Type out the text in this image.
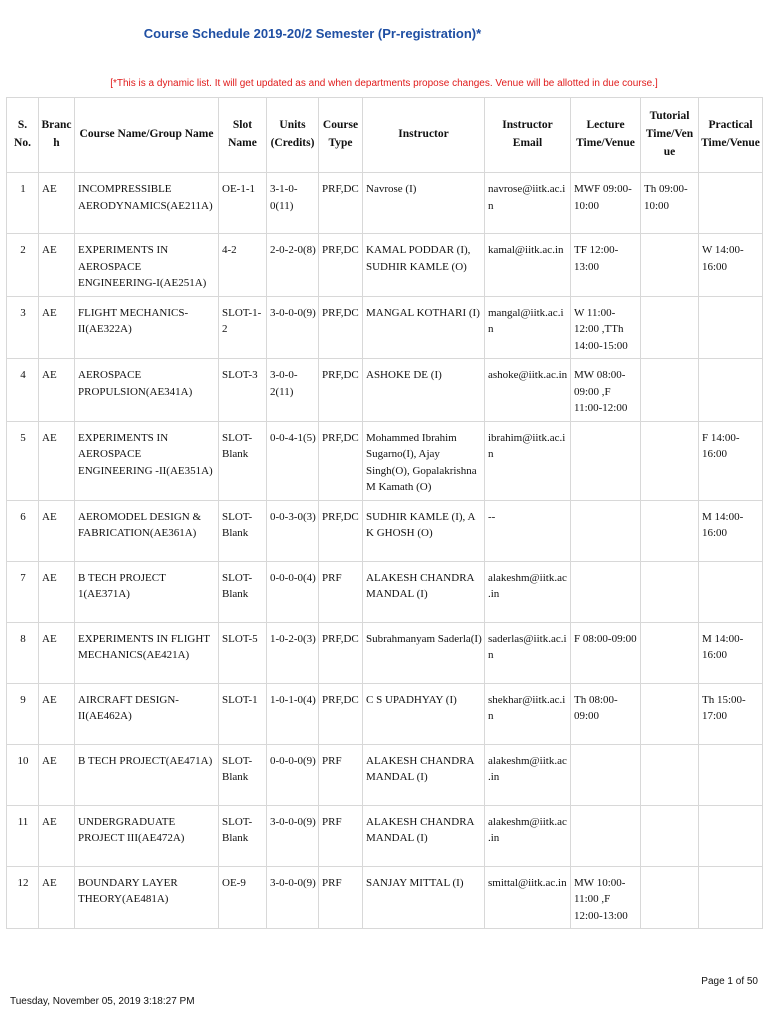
Course Schedule 2019-20/2 Semester (Pr-registration)*
[*This is a dynamic list. It will get updated as and when departments propose changes. Venue will be allotted in due course.]
S. No.	Branch	Course Name/Group Name	Slot Name	Units (Credits)	Course Type	Instructor	Instructor Email	Lecture Time/Venue	Tutorial Time/Venue	Practical Time/Venue
1	AE	INCOMPRESSIBLE AERODYNAMICS(AE211A)	OE-1-1	3-1-0-0(11)	PRF,DC	Navrose (I)	navrose@iitk.ac.in	MWF 09:00-10:00	Th 09:00-10:00	
2	AE	EXPERIMENTS IN AEROSPACE ENGINEERING-I(AE251A)	4-2	2-0-2-0(8)	PRF,DC	KAMAL PODDAR (I), SUDHIR KAMLE (O)	kamal@iitk.ac.in	TF 12:00-13:00		W 14:00-16:00
3	AE	FLIGHT MECHANICS-II(AE322A)	SLOT-1-2	3-0-0-0(9)	PRF,DC	MANGAL KOTHARI (I)	mangal@iitk.ac.in	W 11:00-12:00 ,TTh 14:00-15:00		
4	AE	AEROSPACE PROPULSION(AE341A)	SLOT-3	3-0-0-2(11)	PRF,DC	ASHOKE DE (I)	ashoke@iitk.ac.in	MW 08:00-09:00 ,F 11:00-12:00		
5	AE	EXPERIMENTS IN AEROSPACE ENGINEERING -II(AE351A)	SLOT-Blank	0-0-4-1(5)	PRF,DC	Mohammed Ibrahim Sugarno(I), Ajay Singh(O), Gopalakrishna M Kamath (O)	ibrahim@iitk.ac.in			F 14:00-16:00
6	AE	AEROMODEL DESIGN & FABRICATION(AE361A)	SLOT-Blank	0-0-3-0(3)	PRF,DC	SUDHIR KAMLE (I), A K GHOSH (O)	--			M 14:00-16:00
7	AE	B TECH PROJECT 1(AE371A)	SLOT-Blank	0-0-0-0(4)	PRF	ALAKESH CHANDRA MANDAL (I)	alakeshm@iitk.ac.in			
8	AE	EXPERIMENTS IN FLIGHT MECHANICS(AE421A)	SLOT-5	1-0-2-0(3)	PRF,DC	Subrahmanyam Saderla(I)	saderlas@iitk.ac.in	F 08:00-09:00		M 14:00-16:00
9	AE	AIRCRAFT DESIGN-II(AE462A)	SLOT-1	1-0-1-0(4)	PRF,DC	C S UPADHYAY (I)	shekhar@iitk.ac.in	Th 08:00-09:00		Th 15:00-17:00
10	AE	B TECH PROJECT(AE471A)	SLOT-Blank	0-0-0-0(9)	PRF	ALAKESH CHANDRA MANDAL (I)	alakeshm@iitk.ac.in			
11	AE	UNDERGRADUATE PROJECT III(AE472A)	SLOT-Blank	3-0-0-0(9)	PRF	ALAKESH CHANDRA MANDAL (I)	alakeshm@iitk.ac.in			
12	AE	BOUNDARY LAYER THEORY(AE481A)	OE-9	3-0-0-0(9)	PRF	SANJAY MITTAL (I)	smittal@iitk.ac.in	MW 10:00-11:00 ,F 12:00-13:00		
Page 1 of 50
Tuesday, November 05, 2019 3:18:27 PM
